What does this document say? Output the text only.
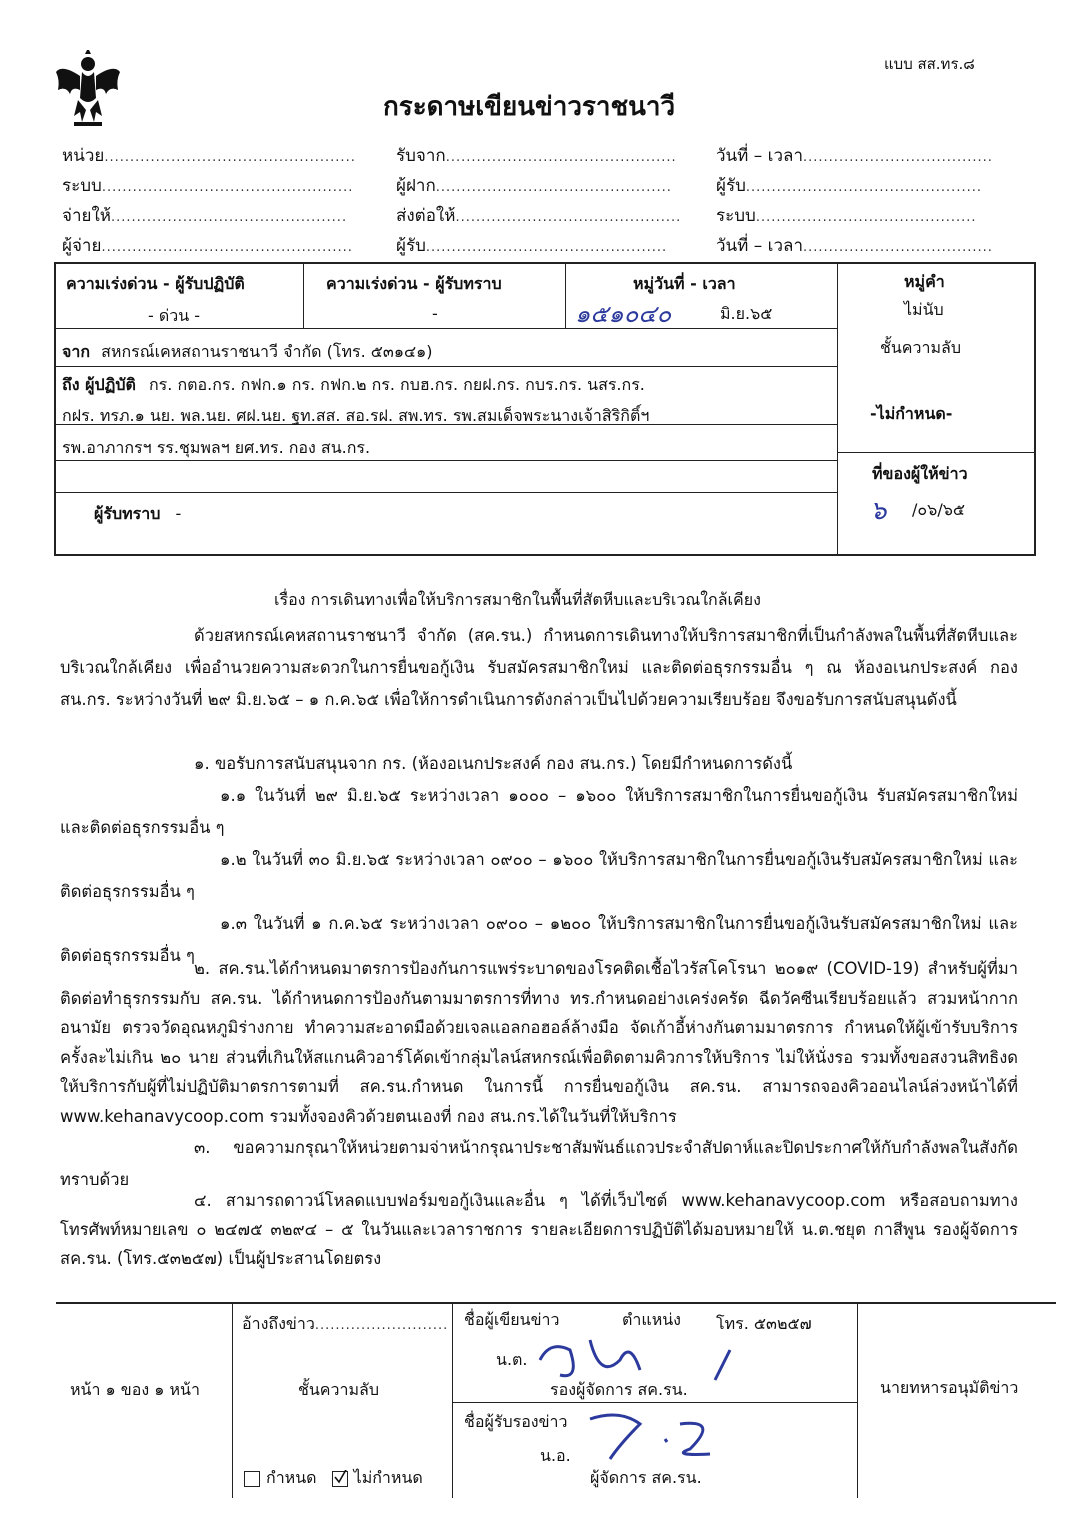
แบบ สส.ทร.๘
กระดาษเขียนข่าวราชนาวี
หน่วย.................................................
ระบบ.................................................
จ่ายให้..............................................
ผู้จ่าย.................................................
รับจาก.............................................
ผู้ฝาก..............................................
ส่งต่อให้............................................
ผู้รับ...............................................
วันที่ – เวลา.....................................
ผู้รับ..............................................
ระบบ...........................................
วันที่ – เวลา.....................................
ความเร่งด่วน - ผู้รับปฏิบัติ
- ด่วน -
ความเร่งด่วน - ผู้รับทราบ
-
หมู่วันที่ - เวลา
๑๕๑๐๔๐	มิ.ย.๖๕
หมู่คำ
ไม่นับ
ชั้นความลับ
-ไม่กำหนด-
จาก สหกรณ์เคหสถานราชนาวี จำกัด (โทร. ๕๓๑๔๑)
ถึง ผู้ปฏิบัติ กร. กตอ.กร. กฟก.๑ กร. กฟก.๒ กร. กบฮ.กร. กยฝ.กร. กบร.กร. นสร.กร.
กฝร. ทรภ.๑ นย. พล.นย. ศฝ.นย. ฐท.สส. สอ.รฝ. สพ.ทร. รพ.สมเด็จพระนางเจ้าสิริกิติ์ฯ
รพ.อาภากรฯ รร.ชุมพลฯ ยศ.ทร. กอง สน.กร.
ผู้รับทราบ -
ที่ของผู้ให้ข่าว
๖ /๐๖/๖๕
เรื่อง การเดินทางเพื่อให้บริการสมาชิกในพื้นที่สัตหีบและบริเวณใกล้เคียง
ด้วยสหกรณ์เคหสถานราชนาวี จำกัด (สค.รน.) กำหนดการเดินทางให้บริการสมาชิกที่เป็นกำลังพลในพื้นที่สัตหีบและบริเวณใกล้เคียง เพื่ออำนวยความสะดวกในการยื่นขอกู้เงิน รับสมัครสมาชิกใหม่ และติดต่อธุรกรรมอื่น ๆ ณ ห้องอเนกประสงค์ กอง สน.กร. ระหว่างวันที่ ๒๙ มิ.ย.๖๕ – ๑ ก.ค.๖๕ เพื่อให้การดำเนินการดังกล่าวเป็นไปด้วยความเรียบร้อย จึงขอรับการสนับสนุนดังนี้
๑. ขอรับการสนับสนุนจาก กร. (ห้องอเนกประสงค์ กอง สน.กร.) โดยมีกำหนดการดังนี้
๑.๑ ในวันที่ ๒๙ มิ.ย.๖๕ ระหว่างเวลา ๑๐๐๐ – ๑๖๐๐ ให้บริการสมาชิกในการยื่นขอกู้เงิน รับสมัครสมาชิกใหม่ และติดต่อธุรกรรมอื่น ๆ
๑.๒ ในวันที่ ๓๐ มิ.ย.๖๕ ระหว่างเวลา ๐๙๐๐ – ๑๖๐๐ ให้บริการสมาชิกในการยื่นขอกู้เงินรับสมัครสมาชิกใหม่ และติดต่อธุรกรรมอื่น ๆ
๑.๓ ในวันที่ ๑ ก.ค.๖๕ ระหว่างเวลา ๐๙๐๐ – ๑๒๐๐ ให้บริการสมาชิกในการยื่นขอกู้เงินรับสมัครสมาชิกใหม่ และติดต่อธุรกรรมอื่น ๆ
๒. สค.รน.ได้กำหนดมาตรการป้องกันการแพร่ระบาดของโรคติดเชื้อไวรัสโคโรนา ๒๐๑๙ (COVID-19) สำหรับผู้ที่มาติดต่อทำธุรกรรมกับ สค.รน. ได้กำหนดการป้องกันตามมาตรการที่ทาง ทร.กำหนดอย่างเคร่งครัด ฉีดวัคซีนเรียบร้อยแล้ว สวมหน้ากากอนามัย ตรวจวัดอุณหภูมิร่างกาย ทำความสะอาดมือด้วยเจลแอลกอฮอล์ล้างมือ จัดเก้าอี้ห่างกันตามมาตรการ กำหนดให้ผู้เข้ารับบริการครั้งละไม่เกิน ๒๐ นาย ส่วนที่เกินให้สแกนคิวอาร์โค้ดเข้ากลุ่มไลน์สหกรณ์เพื่อติดตามคิวการให้บริการ ไม่ให้นั่งรอ รวมทั้งขอสงวนสิทธิงดให้บริการกับผู้ที่ไม่ปฏิบัติมาตรการตามที่ สค.รน.กำหนด ในการนี้ การยื่นขอกู้เงิน สค.รน. สามารถจองคิวออนไลน์ล่วงหน้าได้ที่ www.kehanavycoop.com รวมทั้งจองคิวด้วยตนเองที่ กอง สน.กร.ได้ในวันที่ให้บริการ
๓. ขอความกรุณาให้หน่วยตามจ่าหน้ากรุณาประชาสัมพันธ์แถวประจำสัปดาห์และปิดประกาศให้กับกำลังพลในสังกัดทราบด้วย
๔. สามารถดาวน์โหลดแบบฟอร์มขอกู้เงินและอื่น ๆ ได้ที่เว็บไซต์ www.kehanavycoop.com หรือสอบถามทางโทรศัพท์หมายเลข ๐ ๒๔๗๕ ๓๒๙๔ – ๕ ในวันและเวลาราชการ รายละเอียดการปฏิบัติได้มอบหมายให้ น.ต.ชยุต กาสีพูน รองผู้จัดการ สค.รน. (โทร.๕๓๒๕๗) เป็นผู้ประสานโดยตรง
หน้า ๑ ของ ๑ หน้า
อ้างถึงข่าว..........................
ชั้นความลับ
กำหนด ไม่กำหนด
ชื่อผู้เขียนข่าว	ตำแหน่ง โทร. ๕๓๒๕๗
น.ต.
รองผู้จัดการ สค.รน.
ชื่อผู้รับรองข่าว
น.อ.
ผู้จัดการ สค.รน.
นายทหารอนุมัติข่าว
